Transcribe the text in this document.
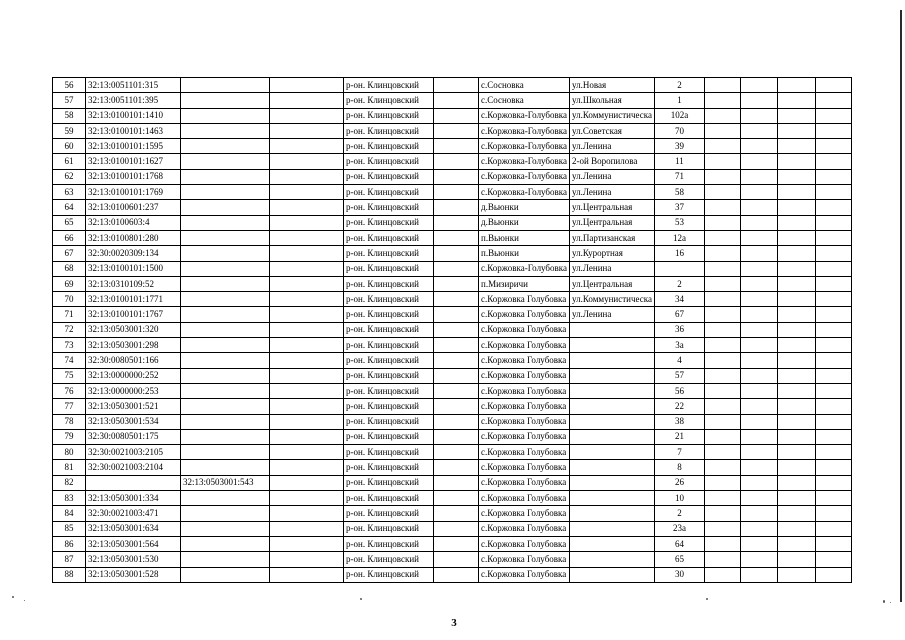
56	32:13:0051101:315			р-он. Клинцовский		с.Сосновка	ул.Новая	2				
57	32:13:0051101:395			р-он. Клинцовский		с.Сосновка	ул.Школьная	1				
58	32:13:0100101:1410			р-он. Клинцовский		с.Коржовка-Голубовка	ул.Коммунистическа	102а				
59	32:13:0100101:1463			р-он. Клинцовский		с.Коржовка-Голубовка	ул.Советская	70				
60	32:13:0100101:1595			р-он. Клинцовский		с.Коржовка-Голубовка	ул.Ленина	39				
61	32:13:0100101:1627			р-он. Клинцовский		с.Коржовка-Голубовка	2-ой Воропилова	11				
62	32:13:0100101:1768			р-он. Клинцовский		с.Коржовка-Голубовка	ул.Ленина	71				
63	32:13:0100101:1769			р-он. Клинцовский		с.Коржовка-Голубовка	ул.Ленина	58				
64	32:13:0100601:237			р-он. Клинцовский		д.Вьюнки	ул.Центральная	37				
65	32:13:0100603:4			р-он. Клинцовский		д.Вьюнки	ул.Центральная	53				
66	32:13:0100801:280			р-он. Клинцовский		п.Вьюнки	ул.Партизанская	12а				
67	32:30:0020309:134			р-он. Клинцовский		п.Вьюнки	ул.Курортная	16				
68	32:13:0100101:1500			р-он. Клинцовский		с.Коржовка-Голубовка	ул.Ленина					
69	32:13:0310109:52			р-он. Клинцовский		п.Мизиричи	ул.Центральная	2				
70	32:13:0100101:1771			р-он. Клинцовский		с.Коржовка Голубовка	ул.Коммунистическа	34				
71	32:13:0100101:1767			р-он. Клинцовский		с.Коржовка Голубовка	ул.Ленина	67				
72	32:13:0503001:320			р-он. Клинцовский		с.Коржовка Голубовка		36				
73	32:13:0503001:298			р-он. Клинцовский		с.Коржовка Голубовка		3а				
74	32:30:0080501:166			р-он. Клинцовский		с.Коржовка Голубовка		4				
75	32:13:0000000:252			р-он. Клинцовский		с.Коржовка Голубовка		57				
76	32:13:0000000:253			р-он. Клинцовский		с.Коржовка Голубовка		56				
77	32:13:0503001:521			р-он. Клинцовский		с.Коржовка Голубовка		22				
78	32:13:0503001:534			р-он. Клинцовский		с.Коржовка Голубовка		38				
79	32:30:0080501:175			р-он. Клинцовский		с.Коржовка Голубовка		21				
80	32:30:0021003:2105			р-он. Клинцовский		с.Коржовка Голубовка		7				
81	32:30:0021003:2104			р-он. Клинцовский		с.Коржовка Голубовка		8				
82		32:13:0503001:543		р-он. Клинцовский		с.Коржовка Голубовка		26				
83	32:13:0503001:334			р-он. Клинцовский		с.Коржовка Голубовка		10				
84	32:30:0021003:471			р-он. Клинцовский		с.Коржовка Голубовка		2				
85	32:13:0503001:634			р-он. Клинцовский		с.Коржовка Голубовка		23а				
86	32:13:0503001:564			р-он. Клинцовский		с.Коржовка Голубовка		64				
87	32:13:0503001:530			р-он. Клинцовский		с.Коржовка Голубовка		65				
88	32:13:0503001:528			р-он. Клинцовский		с.Коржовка Голубовка		30				
3
